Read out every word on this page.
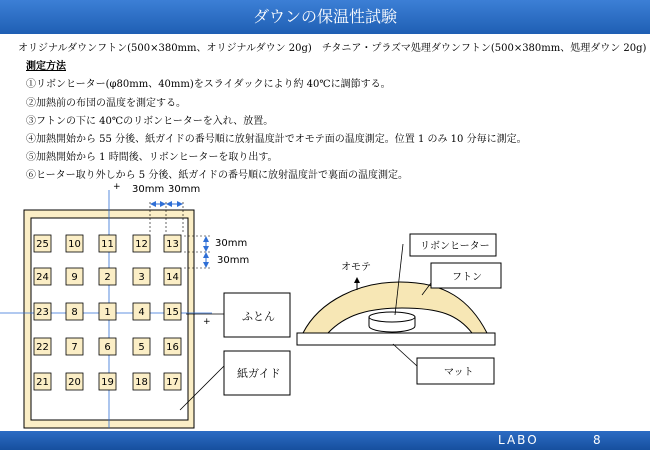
ダウンの保温性試験
オリジナルダウンフトン(500×380mm、オリジナルダウン 20g)　チタニア・プラズマ処理ダウンフトン(500×380mm、処理ダウン 20g)
測定方法
①リボンヒーター(φ80mm、40mm)をスライダックにより約 40℃に調節する。
②加熱前の布団の温度を測定する。
③フトンの下に 40℃のリボンヒーターを入れ、放置。
④加熱開始から 55 分後、紙ガイドの番号順に放射温度計でオモテ面の温度測定。位置 1 のみ 10 分毎に測定。
⑤加熱開始から 1 時間後、リボンヒーターを取り出す。
⑥ヒーター取り外しから 5 分後、紙ガイドの番号順に放射温度計で裏面の温度測定。
+
+
30mm 30mm
30mm
30mm
25 10 11 12 13
24 9	2	3 14
23 8	1	4 15
22 7	6	5 16
21 20 19 18 17
ふとん
紙ガイド
リボンヒーター
オモテ
フトン
マット
LABO	8
